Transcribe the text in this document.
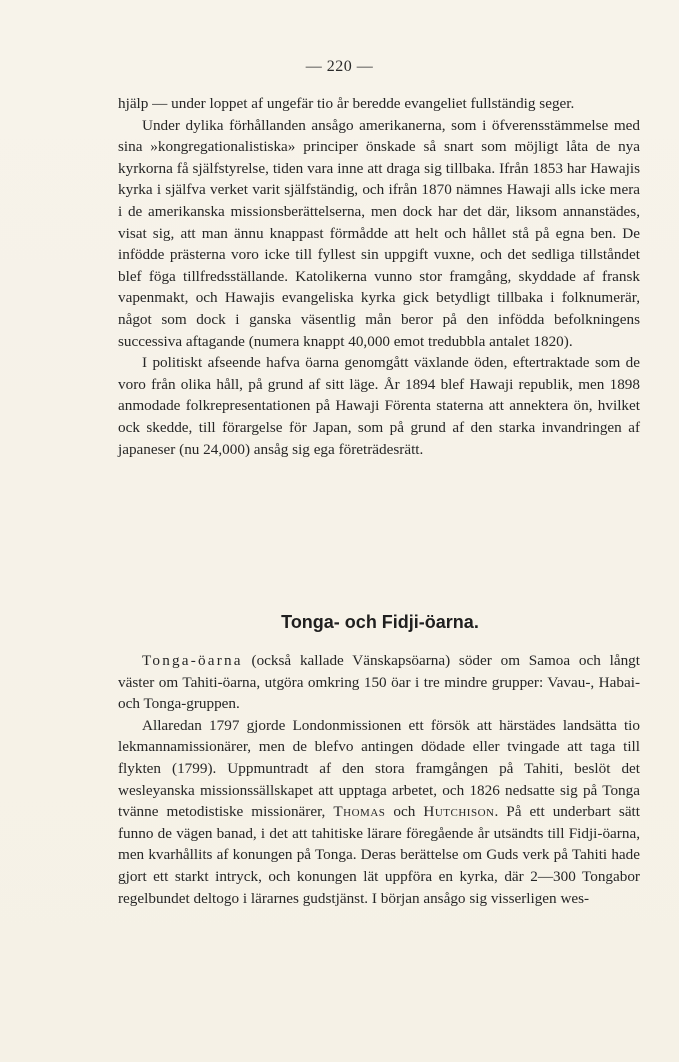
— 220 —

hjälp — under loppet af ungefär tio år beredde evangeliet fullständig seger.

Under dylika förhållanden ansågo amerikanerna, som i öfverensstämmelse med sina »kongregationalistiska» principer önskade så snart som möjligt låta de nya kyrkorna få själfstyrelse, tiden vara inne att draga sig tillbaka. Ifrån 1853 har Hawajis kyrka i själfva verket varit själfständig, och ifrån 1870 nämnes Hawaji alls icke mera i de amerikanska missionsberättelserna, men dock har det där, liksom annanstädes, visat sig, att man ännu knappast förmådde att helt och hållet stå på egna ben. De infödde prästerna voro icke till fyllest sin uppgift vuxne, och det sedliga tillståndet blef föga tillfredsställande. Katolikerna vunno stor framgång, skyddade af fransk vapenmakt, och Hawajis evangeliska kyrka gick betydligt tillbaka i folknumerär, något som dock i ganska väsentlig mån beror på den infödda befolkningens successiva aftagande (numera knappt 40,000 emot tredubbla antalet 1820).

I politiskt afseende hafva öarna genomgått växlande öden, eftertraktade som de voro från olika håll, på grund af sitt läge. År 1894 blef Hawaji republik, men 1898 anmodade folkrepresentationen på Hawaji Förenta staterna att annektera ön, hvilket ock skedde, till förargelse för Japan, som på grund af den starka invandringen af japaneser (nu 24,000) ansåg sig ega företrädesrätt.

Tonga- och Fidji-öarna.

Tonga-öarna (också kallade Vänskapsöarna) söder om Samoa och långt väster om Tahiti-öarna, utgöra omkring 150 öar i tre mindre grupper: Vavau-, Habai- och Tonga-gruppen.

Allaredan 1797 gjorde Londonmissionen ett försök att härstädes landsätta tio lekmannamissionärer, men de blefvo antingen dödade eller tvingade att taga till flykten (1799). Uppmuntradt af den stora framgången på Tahiti, beslöt det wesleyanska missionssällskapet att upptaga arbetet, och 1826 nedsatte sig på Tonga tvänne metodistiske missionärer, Thomas och Hutchison. På ett underbart sätt funno de vägen banad, i det att tahitiske lärare föregående år utsändts till Fidji-öarna, men kvarhållits af konungen på Tonga. Deras berättelse om Guds verk på Tahiti hade gjort ett starkt intryck, och konungen lät uppföra en kyrka, där 2—300 Tongabor regelbundet deltogo i lärarnes gudstjänst. I början ansågo sig visserligen wes-
